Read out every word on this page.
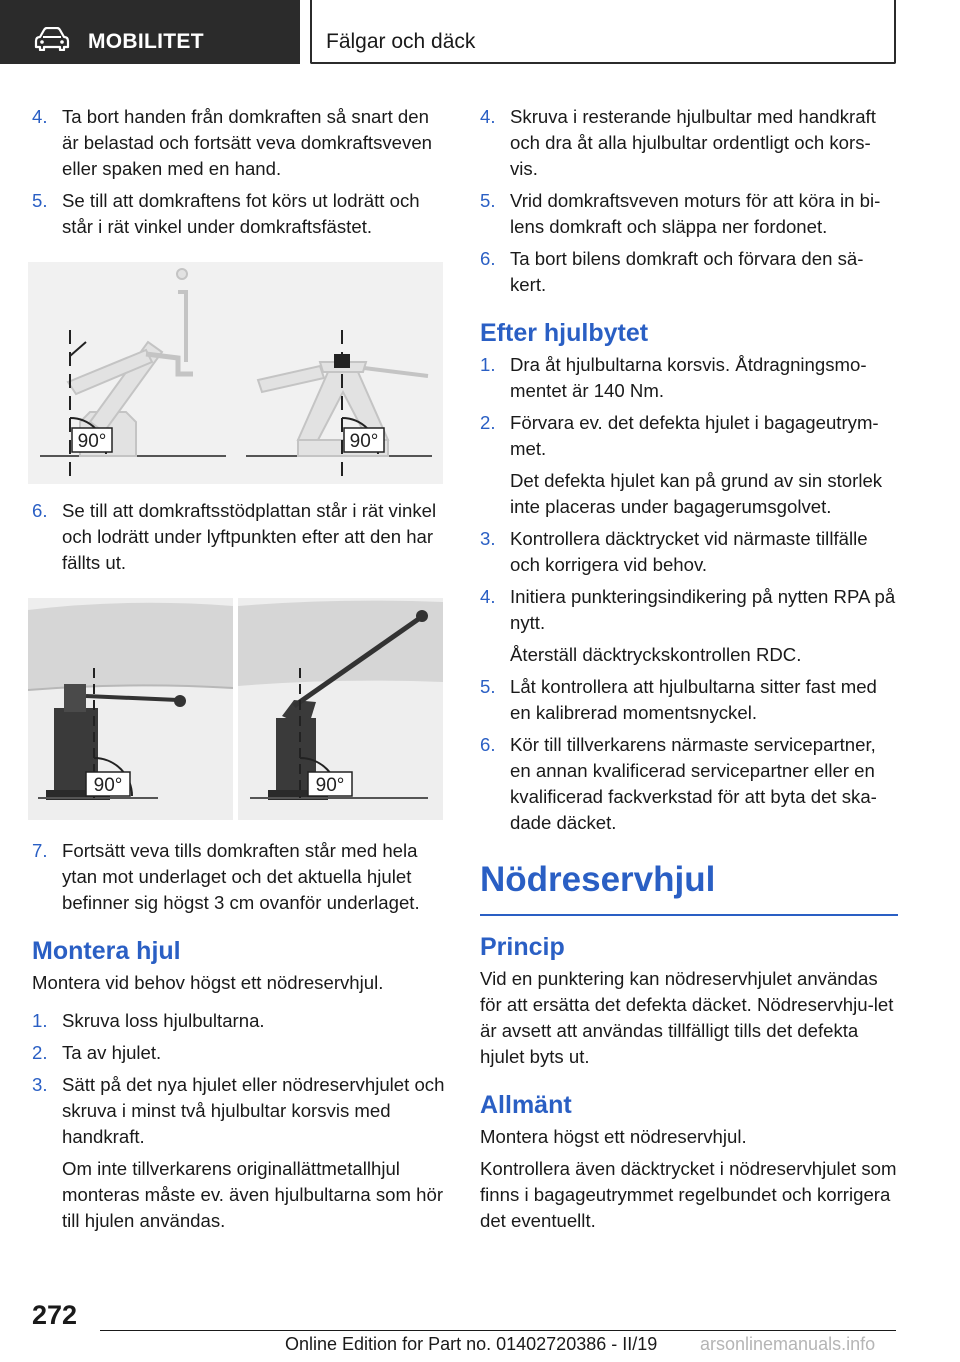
MOBILITET	Fälgar och däck
4. Ta bort handen från domkraften så snart den är belastad och fortsätt veva domkraftsveven eller spaken med en hand.
5. Se till att domkraftens fot körs ut lodrätt och står i rät vinkel under domkraftsfästet.
90°	90°
6. Se till att domkraftsstödplattan står i rät vinkel och lodrätt under lyftpunkten efter att den har fällts ut.
90°	90°
7. Fortsätt veva tills domkraften står med hela ytan mot underlaget och det aktuella hjulet befinner sig högst 3 cm ovanför underlaget.
Montera hjul

Montera vid behov högst ett nödreservhjul.

1. Skruva loss hjulbultarna.
2. Ta av hjulet.
3. Sätt på det nya hjulet eller nödreservhjulet och skruva i minst två hjulbultar korsvis med handkraft.
Om inte tillverkarens originallättmetallhjul monteras måste ev. även hjulbultarna som hör till hjulen användas.
4. Skruva i resterande hjulbultar med handkraft och dra åt alla hjulbultar ordentligt och kors-vis.
5. Vrid domkraftsveven moturs för att köra in bi-lens domkraft och släppa ner fordonet.
6. Ta bort bilens domkraft och förvara den sä-kert.
Efter hjulbytet
1. Dra åt hjulbultarna korsvis. Åtdragningsmo-mentet är 140 Nm.
2. Förvara ev. det defekta hjulet i bagageutrym-met.
Det defekta hjulet kan på grund av sin storlek inte placeras under bagagerumsgolvet.
3. Kontrollera däcktrycket vid närmaste tillfälle och korrigera vid behov.
4. Initiera punkteringsindikering på nytten RPA på nytt.
Återställ däcktryckskontrollen RDC.
5. Låt kontrollera att hjulbultarna sitter fast med en kalibrerad momentsnyckel.
6. Kör till tillverkarens närmaste servicepartner, en annan kvalificerad servicepartner eller en kvalificerad fackverkstad för att byta det ska-dade däcket.
Nödreservhjul
Princip

Vid en punktering kan nödreservhjulet användas för att ersätta det defekta däcket. Nödreservhju-let är avsett att användas tillfälligt tills det defekta hjulet byts ut.

Allmänt

Montera högst ett nödreservhjul.

Kontrollera även däcktrycket i nödreservhjulet som finns i bagageutrymmet regelbundet och korrigera det eventuellt.

272
Online Edition for Part no. 01402720386 - II/19 arsonlinemanuals.info
